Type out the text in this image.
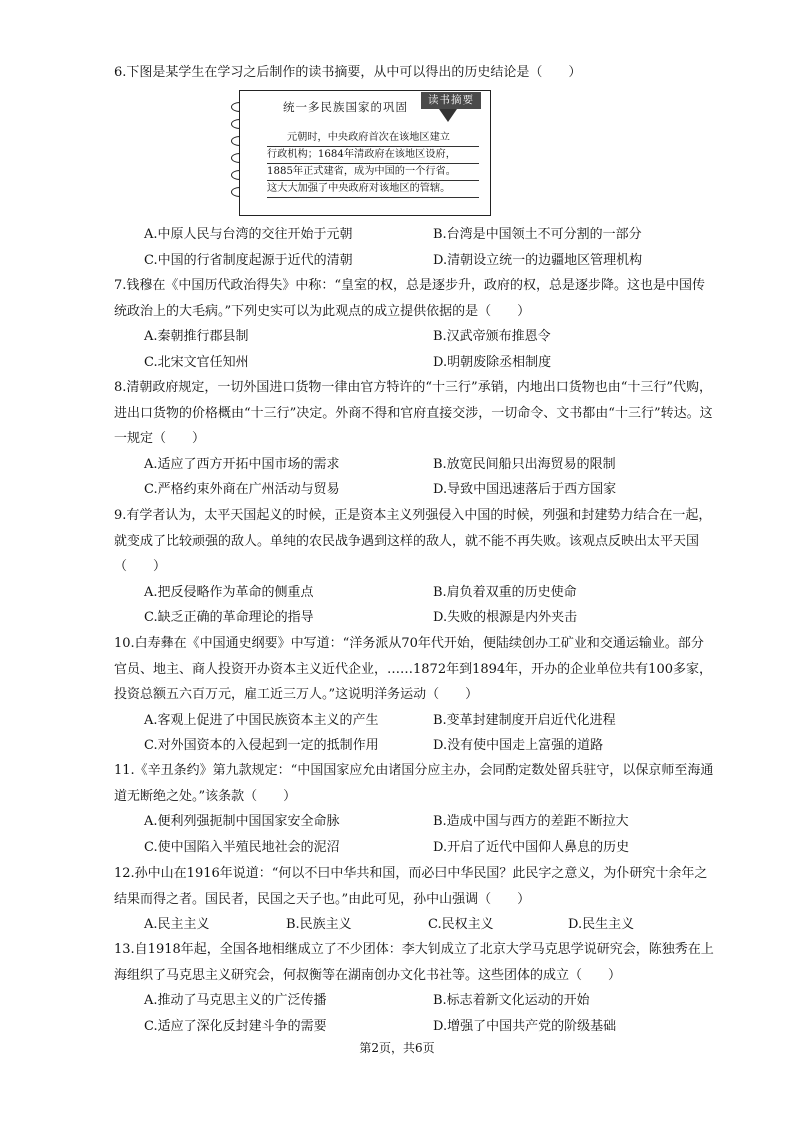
6.下图是某学生在学习之后制作的读书摘要，从中可以得出的历史结论是（　　）
统一多民族国家的巩固	读书摘要
元朝时，中央政府首次在该地区建立
行政机构；1684年清政府在该地区设府，
1885年正式建省，成为中国的一个行省。
这大大加强了中央政府对该地区的管辖。
A.中原人民与台湾的交往开始于元朝	B.台湾是中国领土不可分割的一部分
C.中国的行省制度起源于近代的清朝	D.清朝设立统一的边疆地区管理机构
7.钱穆在《中国历代政治得失》中称：“皇室的权，总是逐步升，政府的权，总是逐步降。这也是中国传统政治上的大毛病。”下列史实可以为此观点的成立提供依据的是（　　）
A.秦朝推行郡县制	B.汉武帝颁布推恩令
C.北宋文官任知州	D.明朝废除丞相制度
8.清朝政府规定，一切外国进口货物一律由官方特许的“十三行”承销，内地出口货物也由“十三行”代购，进出口货物的价格概由“十三行”决定。外商不得和官府直接交涉，一切命令、文书都由“十三行”转达。这一规定（　　）
A.适应了西方开拓中国市场的需求	B.放宽民间船只出海贸易的限制
C.严格约束外商在广州活动与贸易	D.导致中国迅速落后于西方国家
9.有学者认为，太平天国起义的时候，正是资本主义列强侵入中国的时候，列强和封建势力结合在一起，就变成了比较顽强的敌人。单纯的农民战争遇到这样的敌人，就不能不再失败。该观点反映出太平天国（　　）
A.把反侵略作为革命的侧重点	B.肩负着双重的历史使命
C.缺乏正确的革命理论的指导	D.失败的根源是内外夹击
10.白寿彝在《中国通史纲要》中写道：“洋务派从70年代开始，便陆续创办工矿业和交通运输业。部分官员、地主、商人投资开办资本主义近代企业，……1872年到1894年，开办的企业单位共有100多家，投资总额五六百万元，雇工近三万人。”这说明洋务运动（　　）
A.客观上促进了中国民族资本主义的产生	B.变革封建制度开启近代化进程
C.对外国资本的入侵起到一定的抵制作用	D.没有使中国走上富强的道路
11.《辛丑条约》第九款规定：“中国国家应允由诸国分应主办，会同酌定数处留兵驻守，以保京师至海通道无断绝之处。”该条款（　　）
A.便利列强扼制中国国家安全命脉	B.造成中国与西方的差距不断拉大
C.使中国陷入半殖民地社会的泥沼	D.开启了近代中国仰人鼻息的历史
12.孙中山在1916年说道：“何以不曰中华共和国，而必曰中华民国？此民字之意义，为仆研究十余年之结果而得之者。国民者，民国之天子也。”由此可见，孙中山强调（　　）
A.民主主义	B.民族主义	C.民权主义	D.民生主义
13.自1918年起，全国各地相继成立了不少团体：李大钊成立了北京大学马克思学说研究会，陈独秀在上海组织了马克思主义研究会，何叔衡等在湖南创办文化书社等。这些团体的成立（　　）
A.推动了马克思主义的广泛传播	B.标志着新文化运动的开始
C.适应了深化反封建斗争的需要	D.增强了中国共产党的阶级基础
第2页，共6页
